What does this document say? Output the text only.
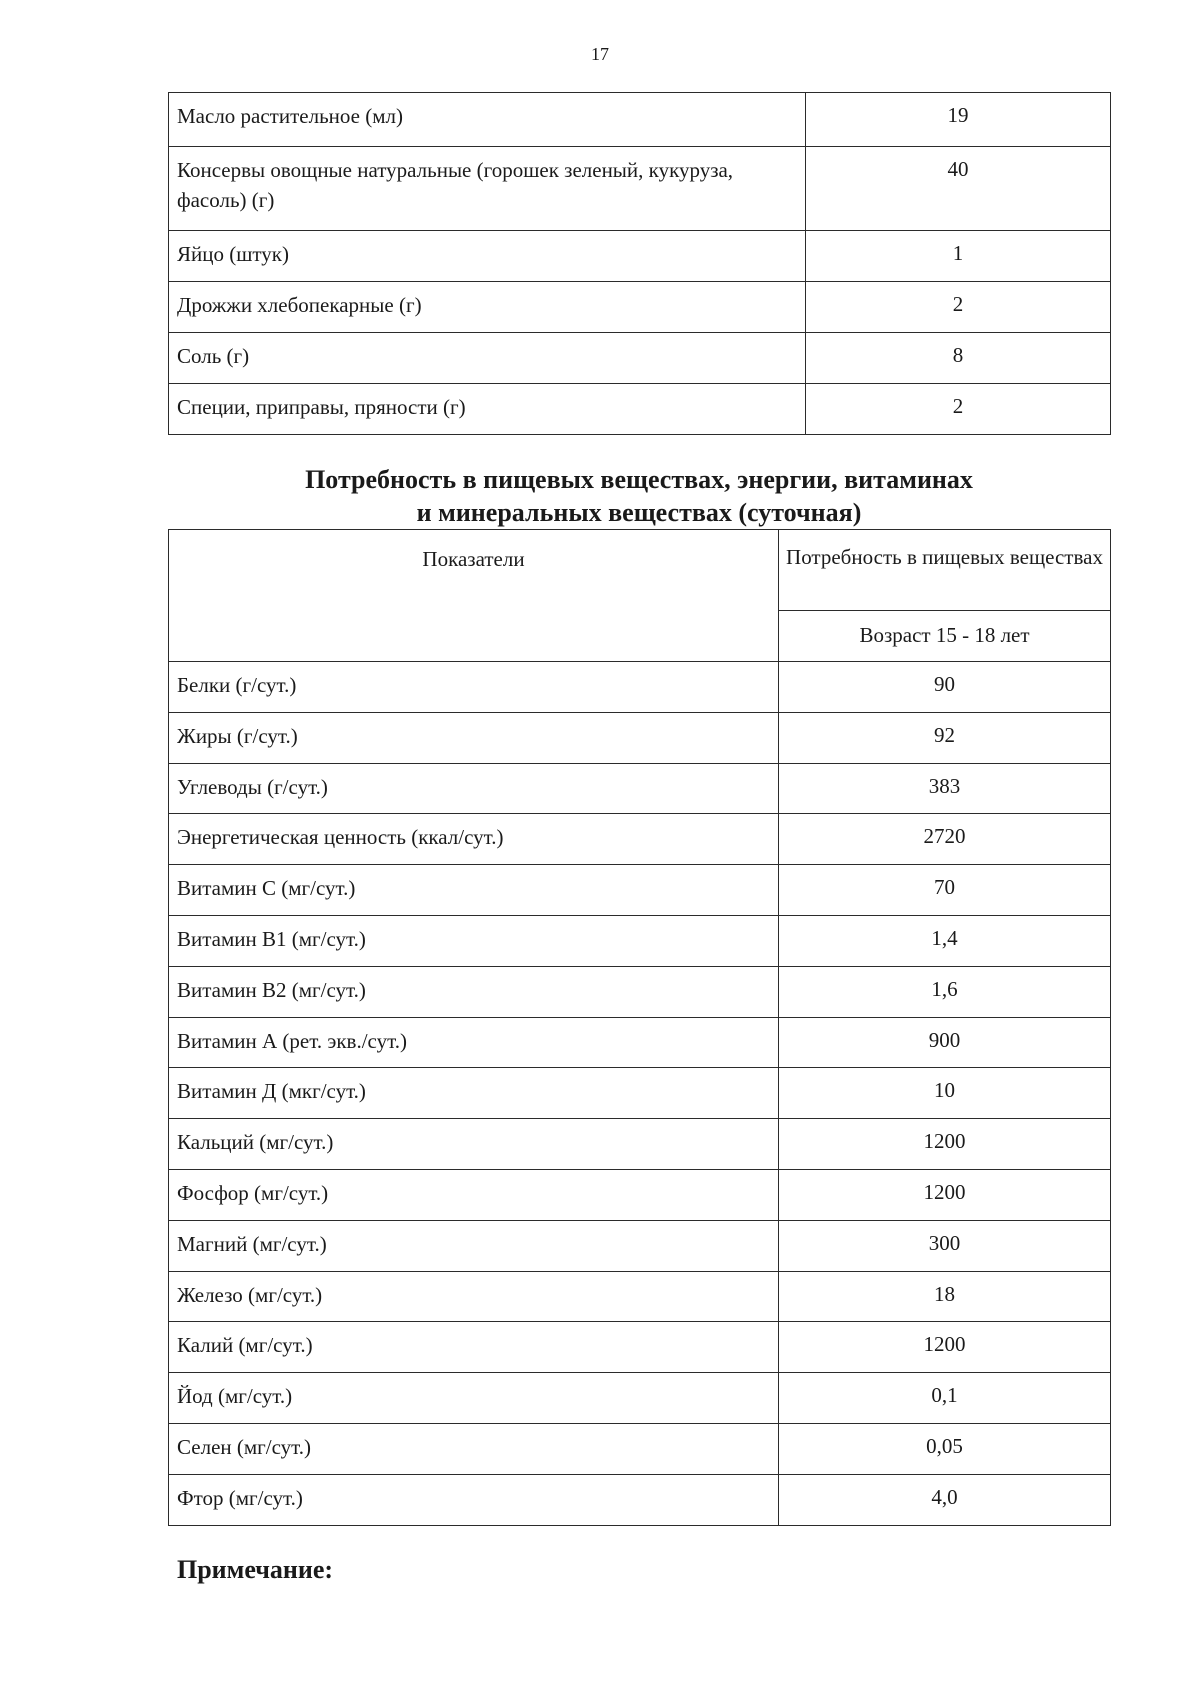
17
Масло растительное (мл)	19
Консервы овощные натуральные (горошек зеленый, кукуруза, фасоль) (г)	40
Яйцо (штук)	1
Дрожжи хлебопекарные (г)	2
Соль (г)	8
Специи, приправы, пряности (г)	2
Потребность в пищевых веществах, энергии, витаминах
и минеральных веществах (суточная)
Показатели	Потребность в пищевых веществах
	Возраст 15 - 18 лет
Белки (г/сут.)	90
Жиры (г/сут.)	92
Углеводы (г/сут.)	383
Энергетическая ценность (ккал/сут.)	2720
Витамин С (мг/сут.)	70
Витамин В1 (мг/сут.)	1,4
Витамин В2 (мг/сут.)	1,6
Витамин А (рет. экв./сут.)	900
Витамин Д (мкг/сут.)	10
Кальций (мг/сут.)	1200
Фосфор (мг/сут.)	1200
Магний (мг/сут.)	300
Железо (мг/сут.)	18
Калий (мг/сут.)	1200
Йод (мг/сут.)	0,1
Селен (мг/сут.)	0,05
Фтор (мг/сут.)	4,0
Примечание:
